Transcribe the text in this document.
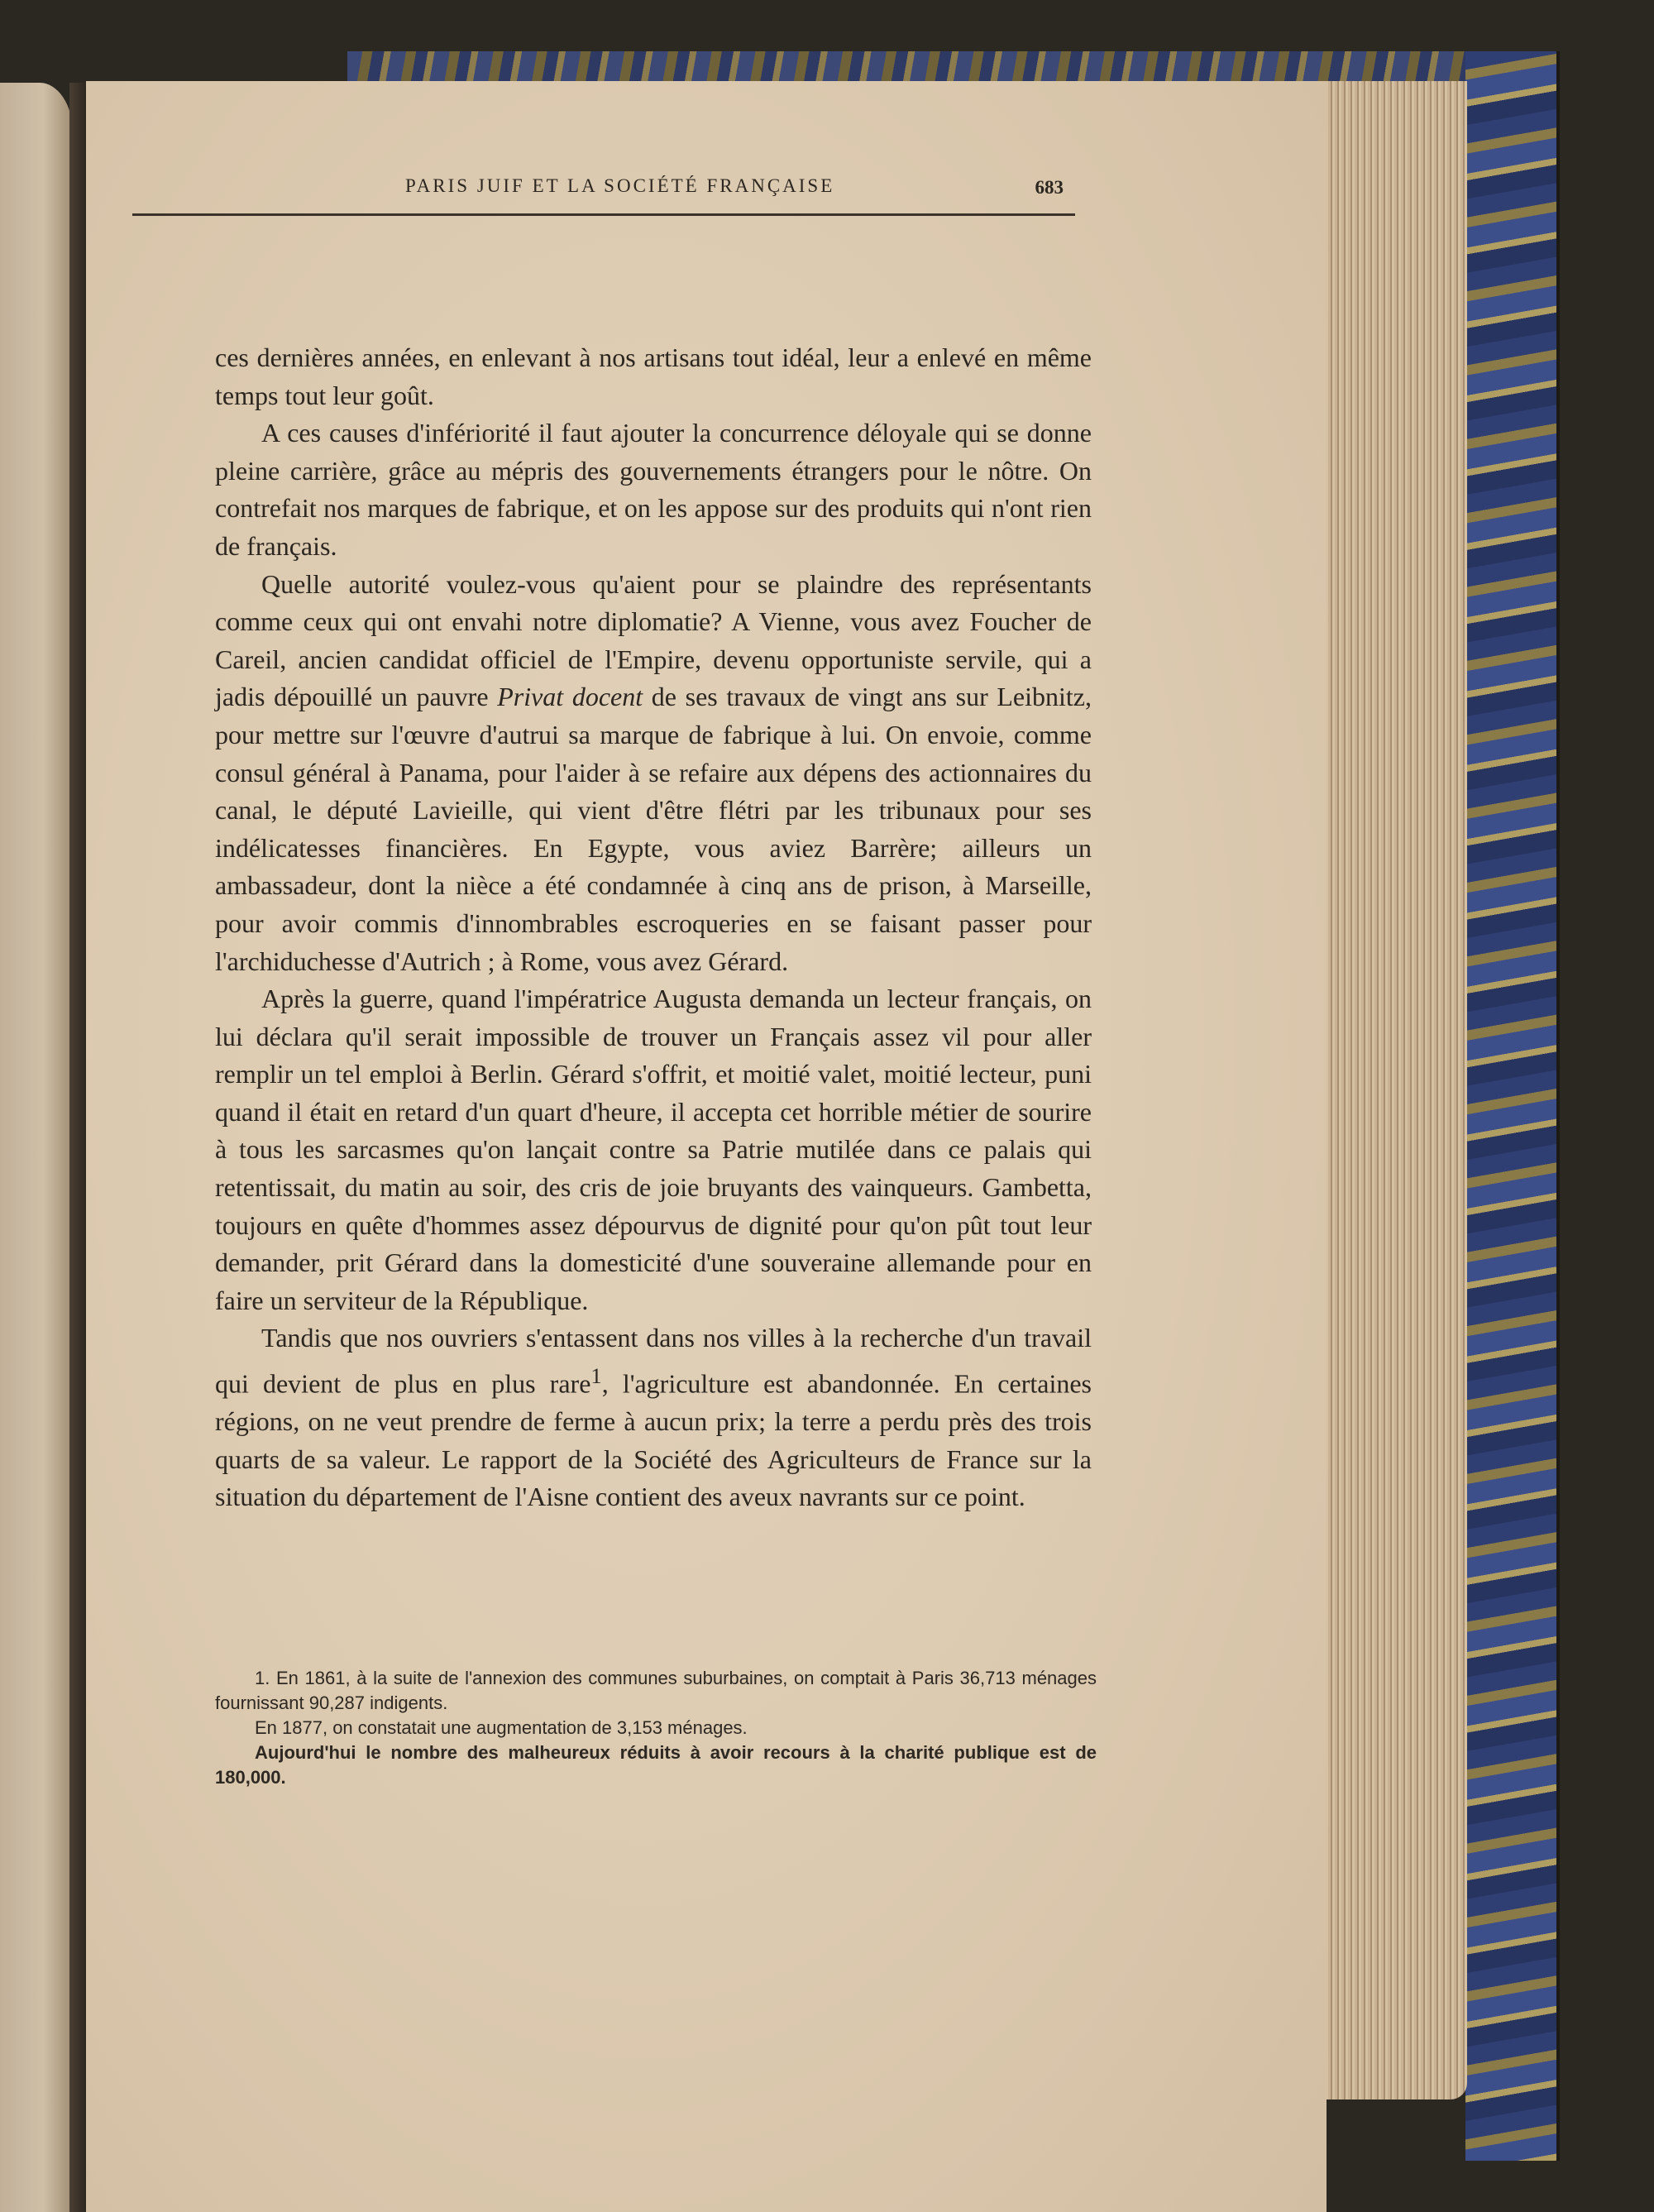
PARIS JUIF ET LA SOCIÉTÉ FRANÇAISE	683

ces dernières années, en enlevant à nos artisans tout idéal, leur a enlevé en même temps tout leur goût.

A ces causes d'infériorité il faut ajouter la concurrence déloyale qui se donne pleine carrière, grâce au mépris des gouvernements étrangers pour le nôtre. On contrefait nos marques de fabrique, et on les appose sur des produits qui n'ont rien de français.

Quelle autorité voulez-vous qu'aient pour se plaindre des représentants comme ceux qui ont envahi notre diplomatie? A Vienne, vous avez Foucher de Careil, ancien candidat officiel de l'Empire, devenu opportuniste servile, qui a jadis dépouillé un pauvre Privat docent de ses travaux de vingt ans sur Leibnitz, pour mettre sur l'œuvre d'autrui sa marque de fabrique à lui. On envoie, comme consul général à Panama, pour l'aider à se refaire aux dépens des actionnaires du canal, le député Lavieille, qui vient d'être flétri par les tribunaux pour ses indélicatesses financières. En Egypte, vous aviez Barrère; ailleurs un ambassadeur, dont la nièce a été condamnée à cinq ans de prison, à Marseille, pour avoir commis d'innombrables escroqueries en se faisant passer pour l'archiduchesse d'Autrich ; à Rome, vous avez Gérard.

Après la guerre, quand l'impératrice Augusta demanda un lecteur français, on lui déclara qu'il serait impossible de trouver un Français assez vil pour aller remplir un tel emploi à Berlin. Gérard s'offrit, et moitié valet, moitié lecteur, puni quand il était en retard d'un quart d'heure, il accepta cet horrible métier de sourire à tous les sarcasmes qu'on lançait contre sa Patrie mutilée dans ce palais qui retentissait, du matin au soir, des cris de joie bruyants des vainqueurs. Gambetta, toujours en quête d'hommes assez dépourvus de dignité pour qu'on pût tout leur demander, prit Gérard dans la domesticité d'une souveraine allemande pour en faire un serviteur de la République.

Tandis que nos ouvriers s'entassent dans nos villes à la recherche d'un travail qui devient de plus en plus rare$^1$, l'agriculture est abandonnée. En certaines régions, on ne veut prendre de ferme à aucun prix; la terre a perdu près des trois quarts de sa valeur. Le rapport de la Société des Agriculteurs de France sur la situation du département de l'Aisne contient des aveux navrants sur ce point.

1. En 1861, à la suite de l'annexion des communes suburbaines, on comptait à Paris 36,713 ménages fournissant 90,287 indigents.

En 1877, on constatait une augmentation de 3,153 ménages.

Aujourd'hui le nombre des malheureux réduits à avoir recours à la charité publique est de 180,000.
